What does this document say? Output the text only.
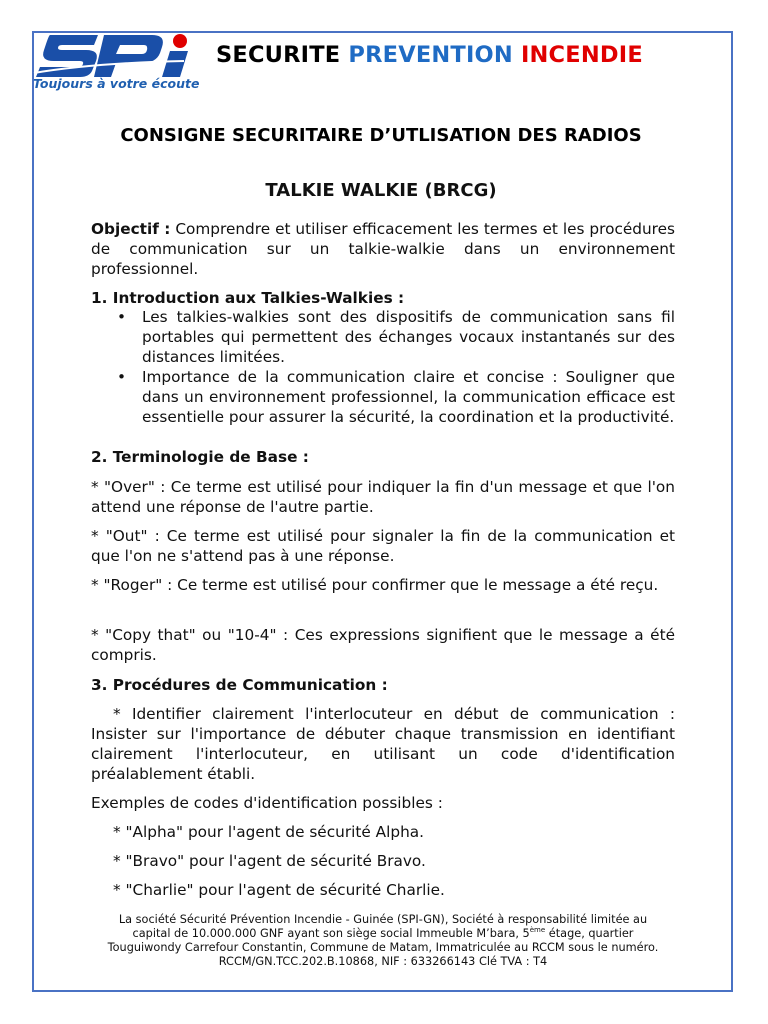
Toujours à votre écoute
SECURITE PREVENTION INCENDIE
CONSIGNE SECURITAIRE D’UTLISATION DES RADIOS
TALKIE WALKIE (BRCG)

Objectif : Comprendre et utiliser efficacement les termes et les procédures de communication sur un talkie-walkie dans un environnement professionnel.

1. Introduction aux Talkies-Walkies :
• Les talkies-walkies sont des dispositifs de communication sans fil portables qui permettent des échanges vocaux instantanés sur des distances limitées.
• Importance de la communication claire et concise : Souligner que dans un environnement professionnel, la communication efficace est essentielle pour assurer la sécurité, la coordination et la productivité.
2. Terminologie de Base :
* "Over" : Ce terme est utilisé pour indiquer la fin d'un message et que l'on attend une réponse de l'autre partie.
* "Out" : Ce terme est utilisé pour signaler la fin de la communication et que l'on ne s'attend pas à une réponse.
* "Roger" : Ce terme est utilisé pour confirmer que le message a été reçu.
* "Copy that" ou "10-4" : Ces expressions signifient que le message a été compris.
3. Procédures de Communication :
* Identifier clairement l'interlocuteur en début de communication : Insister sur l'importance de débuter chaque transmission en identifiant clairement l'interlocuteur, en utilisant un code d'identification préalablement établi.
Exemples de codes d'identification possibles :
* "Alpha" pour l'agent de sécurité Alpha.
* "Bravo" pour l'agent de sécurité Bravo.
* "Charlie" pour l'agent de sécurité Charlie.
La société Sécurité Prévention Incendie - Guinée (SPI-GN), Société à responsabilité limitée au
capital de 10.000.000 GNF ayant son siège social Immeuble M’bara, 5ème étage, quartier
Touguiwondy Carrefour Constantin, Commune de Matam, Immatriculée au RCCM sous le numéro.
RCCM/GN.TCC.202.B.10868, NIF : 633266143 Clé TVA : T4
